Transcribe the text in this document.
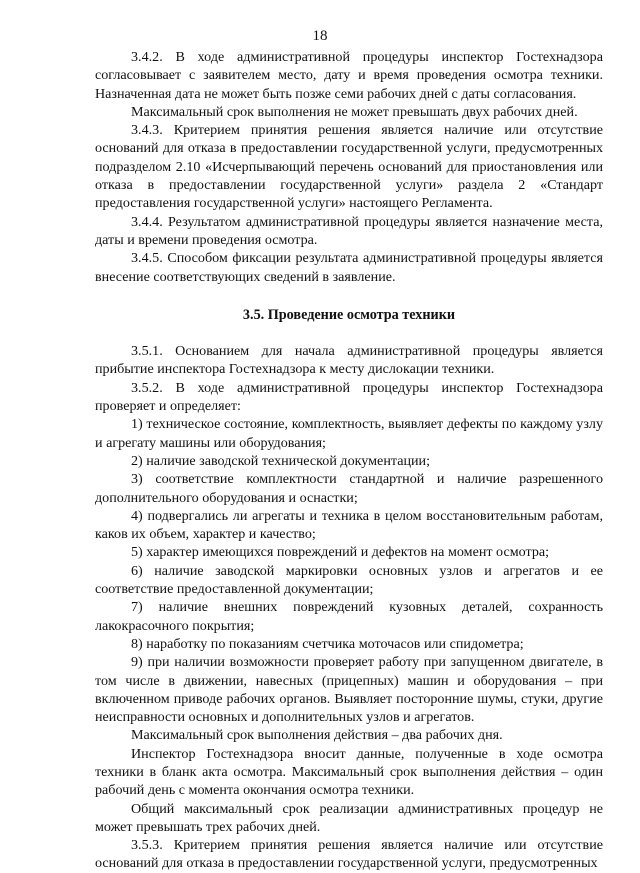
18

3.4.2. В ходе административной процедуры инспектор Гостехнадзора согласовывает с заявителем место, дату и время проведения осмотра техники. Назначенная дата не может быть позже семи рабочих дней с даты согласования.

Максимальный срок выполнения не может превышать двух рабочих дней.

3.4.3. Критерием принятия решения является наличие или отсутствие оснований для отказа в предоставлении государственной услуги, предусмотренных подразделом 2.10 «Исчерпывающий перечень оснований для приостановления или отказа в предоставлении государственной услуги» раздела 2 «Стандарт предоставления государственной услуги» настоящего Регламента.

3.4.4. Результатом административной процедуры является назначение места, даты и времени проведения осмотра.

3.4.5. Способом фиксации результата административной процедуры является внесение соответствующих сведений в заявление.

3.5. Проведение осмотра техники

3.5.1. Основанием для начала административной процедуры является прибытие инспектора Гостехнадзора к месту дислокации техники.

3.5.2. В ходе административной процедуры инспектор Гостехнадзора проверяет и определяет:

1) техническое состояние, комплектность, выявляет дефекты по каждому узлу и агрегату машины или оборудования;

2) наличие заводской технической документации;

3) соответствие комплектности стандартной и наличие разрешенного дополнительного оборудования и оснастки;

4) подвергались ли агрегаты и техника в целом восстановительным работам, каков их объем, характер и качество;

5) характер имеющихся повреждений и дефектов на момент осмотра;

6) наличие заводской маркировки основных узлов и агрегатов и ее соответствие предоставленной документации;

7) наличие внешних повреждений кузовных деталей, сохранность лакокрасочного покрытия;

8) наработку по показаниям счетчика моточасов или спидометра;

9) при наличии возможности проверяет работу при запущенном двигателе, в том числе в движении, навесных (прицепных) машин и оборудования – при включенном приводе рабочих органов. Выявляет посторонние шумы, стуки, другие неисправности основных и дополнительных узлов и агрегатов.

Максимальный срок выполнения действия – два рабочих дня.

Инспектор Гостехнадзора вносит данные, полученные в ходе осмотра техники в бланк акта осмотра. Максимальный срок выполнения действия – один рабочий день с момента окончания осмотра техники.

Общий максимальный срок реализации административных процедур не может превышать трех рабочих дней.

3.5.3. Критерием принятия решения является наличие или отсутствие оснований для отказа в предоставлении государственной услуги, предусмотренных
